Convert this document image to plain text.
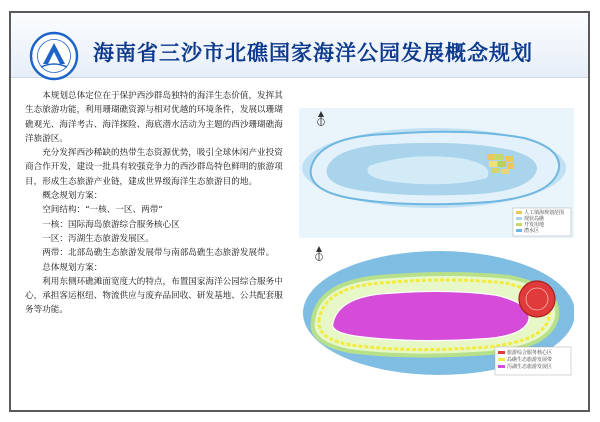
海南省三沙市北礁国家海洋公园发展概念规划

本规划总体定位在于保护西沙群岛独特的海洋生态价值，发挥其生态旅游功能，利用珊瑚礁资源与相对优越的环境条件，发展以珊瑚礁观光、海洋考古、海洋探险、海底潜水活动为主题的西沙珊瑚礁海洋旅游区。

充分发挥西沙稀缺的热带生态资源优势，吸引全球休闲产业投资商合作开发，建设一批具有较强竞争力的西沙群岛特色鲜明的旅游项目，形成生态旅游产业链，建成世界级海洋生态旅游目的地。

概念规划方案：

空间结构：“一核、一区、两带”

一核：国际海岛旅游综合服务核心区

一区：泻湖生态旅游发展区。

两带：北部岛礁生态旅游发展带与南部岛礁生态旅游发展带。

总体规划方案：

利用东侧环礁滩面宽度大的特点，布置国家海洋公园综合服务中心，承担客运枢纽、物流供应与废弃品回收、研发基地、公共配套服务等功能。

人工填海规划范围
现状岛礁
开发用地
潜水区
旅游综合服务核心区
岛礁生态旅游发展带
泻湖生态旅游发展区
